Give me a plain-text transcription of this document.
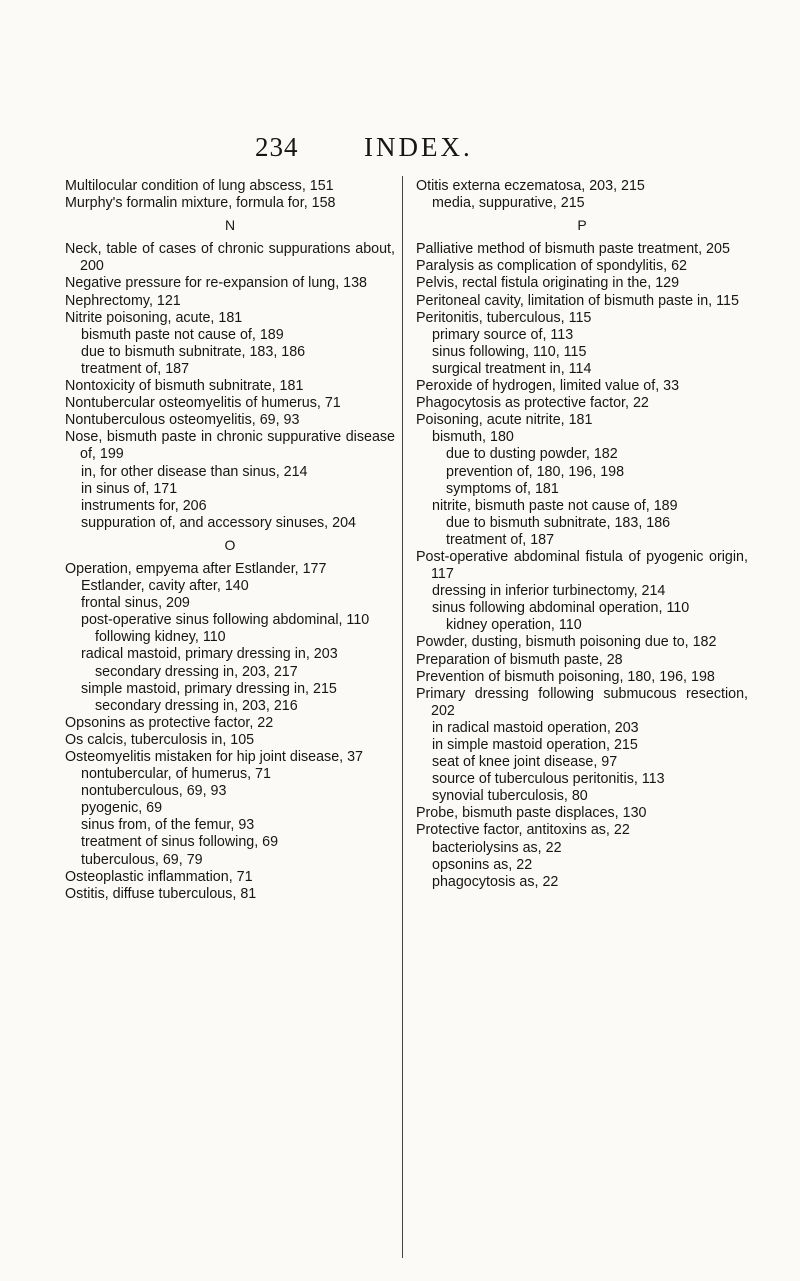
234 INDEX.
Multilocular condition of lung abscess, 151
Murphy's formalin mixture, formula for, 158
N
Neck, table of cases of chronic suppurations about, 200
Negative pressure for re-expansion of lung, 138
Nephrectomy, 121
Nitrite poisoning, acute, 181
bismuth paste not cause of, 189
due to bismuth subnitrate, 183, 186
treatment of, 187
Nontoxicity of bismuth subnitrate, 181
Nontubercular osteomyelitis of humerus, 71
Nontuberculous osteomyelitis, 69, 93
Nose, bismuth paste in chronic suppurative disease of, 199
in, for other disease than sinus, 214
in sinus of, 171
instruments for, 206
suppuration of, and accessory sinuses, 204
O
Operation, empyema after Estlander, 177
Estlander, cavity after, 140
frontal sinus, 209
post-operative sinus following abdominal, 110
following kidney, 110
radical mastoid, primary dressing in, 203
secondary dressing in, 203, 217
simple mastoid, primary dressing in, 215
secondary dressing in, 203, 216
Opsonins as protective factor, 22
Os calcis, tuberculosis in, 105
Osteomyelitis mistaken for hip joint disease, 37
nontubercular, of humerus, 71
nontuberculous, 69, 93
pyogenic, 69
sinus from, of the femur, 93
treatment of sinus following, 69
tuberculous, 69, 79
Osteoplastic inflammation, 71
Ostitis, diffuse tuberculous, 81
Otitis externa eczematosa, 203, 215
media, suppurative, 215
P
Palliative method of bismuth paste treatment, 205
Paralysis as complication of spondylitis, 62
Pelvis, rectal fistula originating in the, 129
Peritoneal cavity, limitation of bismuth paste in, 115
Peritonitis, tuberculous, 115
primary source of, 113
sinus following, 110, 115
surgical treatment in, 114
Peroxide of hydrogen, limited value of, 33
Phagocytosis as protective factor, 22
Poisoning, acute nitrite, 181
bismuth, 180
due to dusting powder, 182
prevention of, 180, 196, 198
symptoms of, 181
nitrite, bismuth paste not cause of, 189
due to bismuth subnitrate, 183, 186
treatment of, 187
Post-operative abdominal fistula of pyogenic origin, 117
dressing in inferior turbinectomy, 214
sinus following abdominal operation, 110
kidney operation, 110
Powder, dusting, bismuth poisoning due to, 182
Preparation of bismuth paste, 28
Prevention of bismuth poisoning, 180, 196, 198
Primary dressing following submucous resection, 202
in radical mastoid operation, 203
in simple mastoid operation, 215
seat of knee joint disease, 97
source of tuberculous peritonitis, 113
synovial tuberculosis, 80
Probe, bismuth paste displaces, 130
Protective factor, antitoxins as, 22
bacteriolysins as, 22
opsonins as, 22
phagocytosis as, 22
